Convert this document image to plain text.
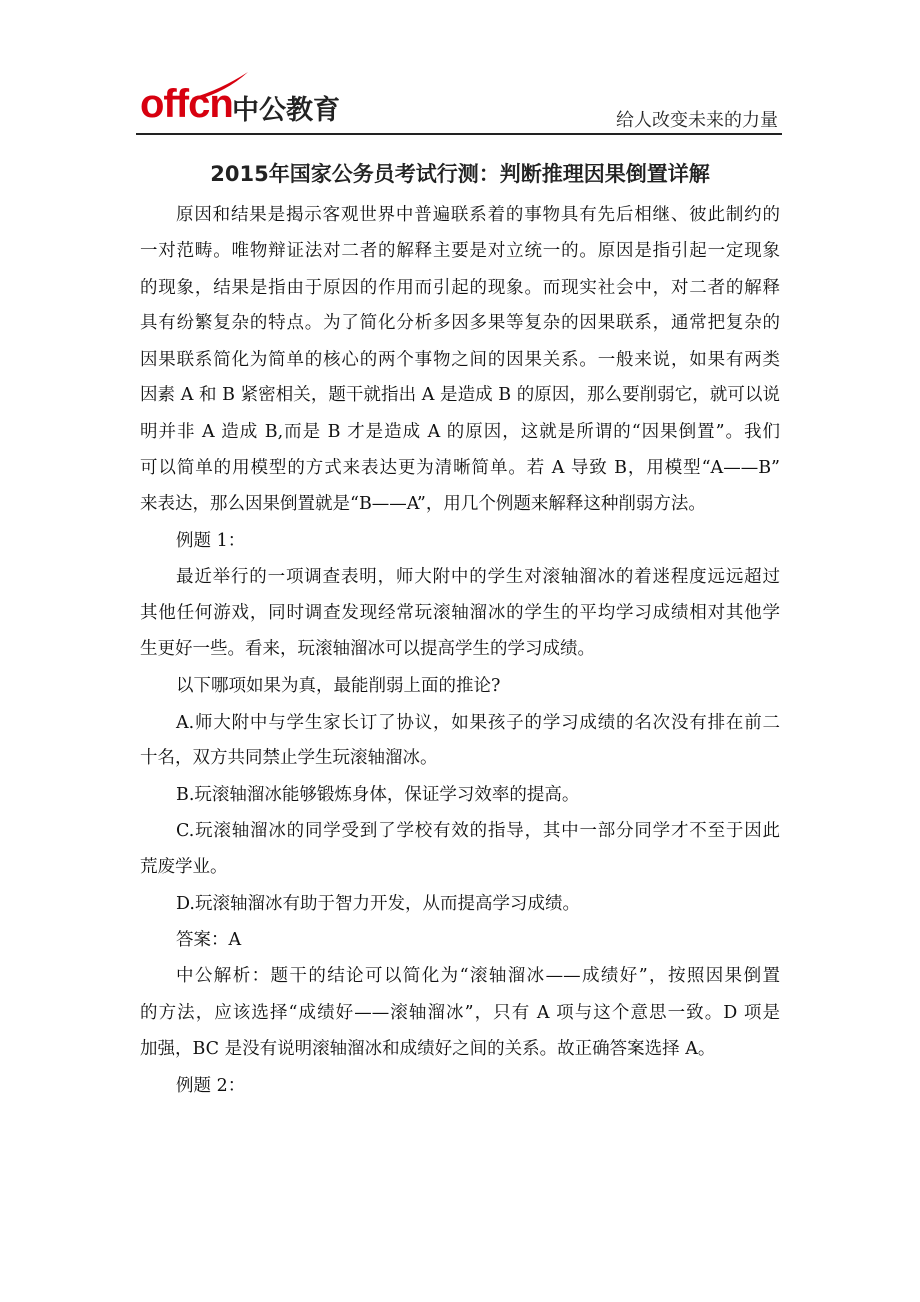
offcn 中公教育	给人改变未来的力量
2015年国家公务员考试行测：判断推理因果倒置详解
原因和结果是揭示客观世界中普遍联系着的事物具有先后相继、彼此制约的
一对范畴。唯物辩证法对二者的解释主要是对立统一的。原因是指引起一定现象
的现象，结果是指由于原因的作用而引起的现象。而现实社会中，对二者的解释
具有纷繁复杂的特点。为了简化分析多因多果等复杂的因果联系，通常把复杂的
因果联系简化为简单的核心的两个事物之间的因果关系。一般来说，如果有两类
因素 A 和 B 紧密相关，题干就指出 A 是造成 B 的原因，那么要削弱它，就可以说
明并非 A 造成 B,而是 B 才是造成 A 的原因，这就是所谓的“因果倒置”。我们
可以简单的用模型的方式来表达更为清晰简单。若 A 导致 B，用模型“A——B”
来表达，那么因果倒置就是“B——A”，用几个例题来解释这种削弱方法。
例题 1：
最近举行的一项调查表明，师大附中的学生对滚轴溜冰的着迷程度远远超过
其他任何游戏，同时调查发现经常玩滚轴溜冰的学生的平均学习成绩相对其他学
生更好一些。看来，玩滚轴溜冰可以提高学生的学习成绩。
以下哪项如果为真，最能削弱上面的推论?
A.师大附中与学生家长订了协议，如果孩子的学习成绩的名次没有排在前二
十名，双方共同禁止学生玩滚轴溜冰。
B.玩滚轴溜冰能够锻炼身体，保证学习效率的提高。
C.玩滚轴溜冰的同学受到了学校有效的指导，其中一部分同学才不至于因此
荒废学业。
D.玩滚轴溜冰有助于智力开发，从而提高学习成绩。
答案：A
中公解析：题干的结论可以简化为“滚轴溜冰——成绩好”，按照因果倒置
的方法，应该选择“成绩好——滚轴溜冰”，只有 A 项与这个意思一致。D 项是
加强，BC 是没有说明滚轴溜冰和成绩好之间的关系。故正确答案选择 A。
例题 2：
